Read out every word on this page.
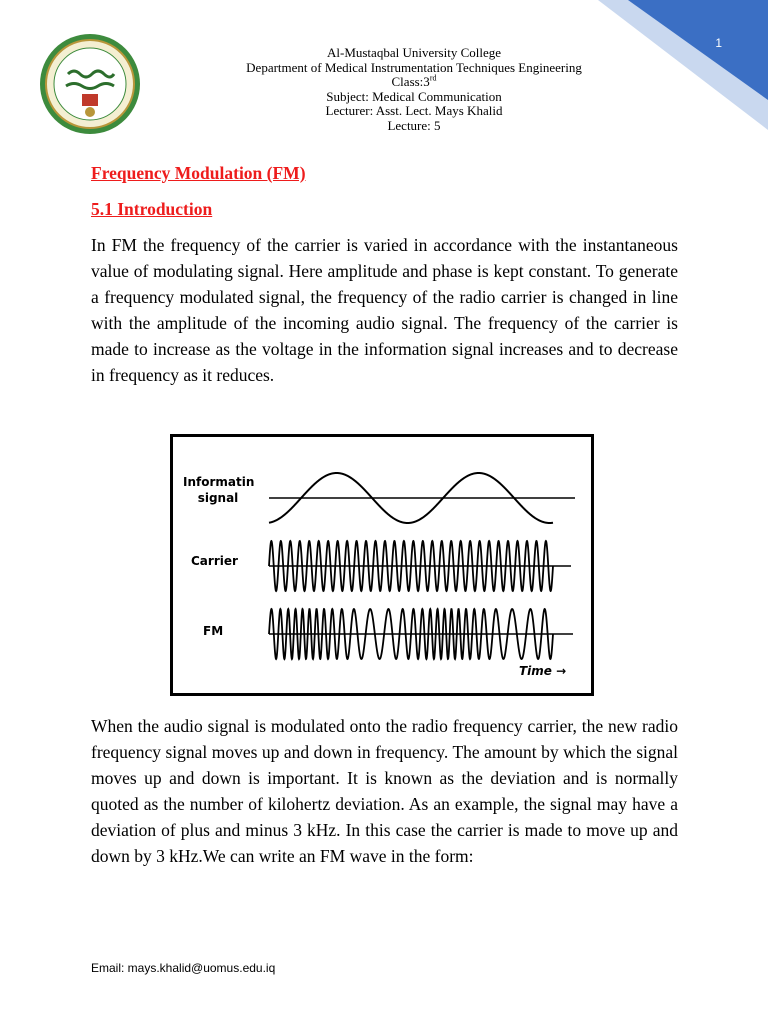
1
Al-Mustaqbal University College
Department of Medical Instrumentation Techniques Engineering
Class:3rd
Subject: Medical Communication
Lecturer: Asst. Lect. Mays Khalid
Lecture: 5
Frequency Modulation (FM)
5.1 Introduction
In FM the frequency of the carrier is varied in accordance with the instantaneous value of modulating signal. Here amplitude and phase is kept constant. To generate a frequency modulated signal, the frequency of the radio carrier is changed in line with the amplitude of the incoming audio signal. The frequency of the carrier is made to increase as the voltage in the information signal increases and to decrease in frequency as it reduces.
Informatin
signal
Carrier
FM
Time →
When the audio signal is modulated onto the radio frequency carrier, the new radio frequency signal moves up and down in frequency. The amount by which the signal moves up and down is important. It is known as the deviation and is normally quoted as the number of kilohertz deviation. As an example, the signal may have a deviation of plus and minus 3 kHz. In this case the carrier is made to move up and down by 3 kHz.We can write an FM wave in the form:
Email: mays.khalid@uomus.edu.iq
